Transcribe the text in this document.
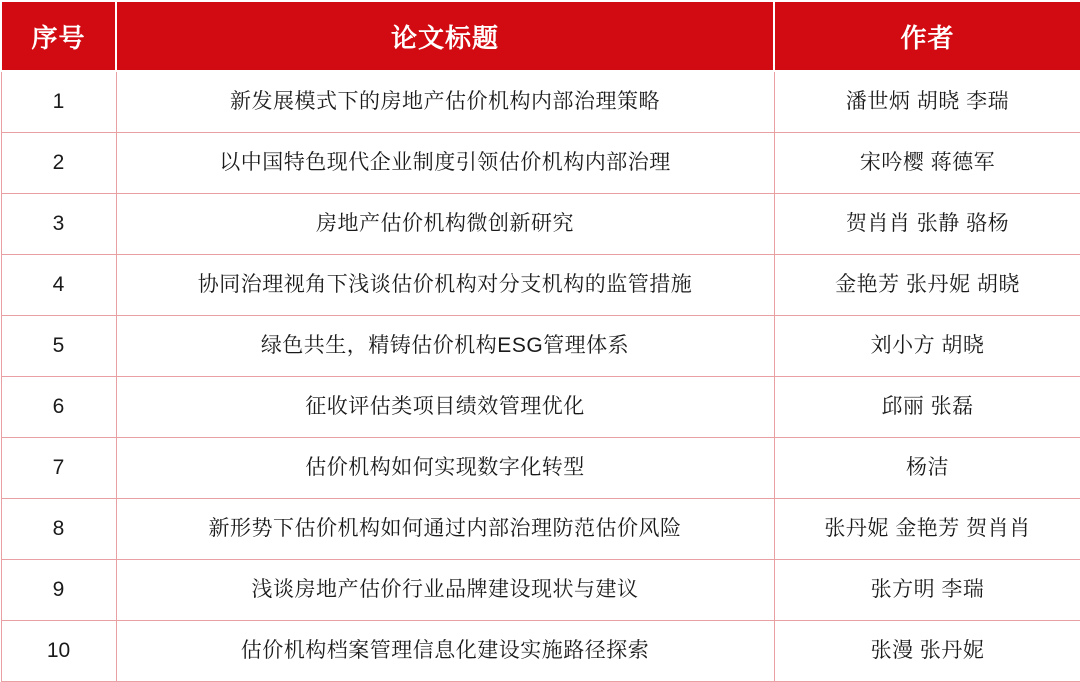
序号	论文标题	作者
1	新发展模式下的房地产估价机构内部治理策略	潘世炳 胡晓 李瑞
2	以中国特色现代企业制度引领估价机构内部治理	宋吟樱 蒋德军
3	房地产估价机构微创新研究	贺肖肖 张静 骆杨
4	协同治理视角下浅谈估价机构对分支机构的监管措施	金艳芳 张丹妮 胡晓
5	绿色共生，精铸估价机构ESG管理体系	刘小方 胡晓
6	征收评估类项目绩效管理优化	邱丽 张磊
7	估价机构如何实现数字化转型	杨洁
8	新形势下估价机构如何通过内部治理防范估价风险	张丹妮 金艳芳 贺肖肖
9	浅谈房地产估价行业品牌建设现状与建议	张方明 李瑞
10	估价机构档案管理信息化建设实施路径探索	张漫 张丹妮
